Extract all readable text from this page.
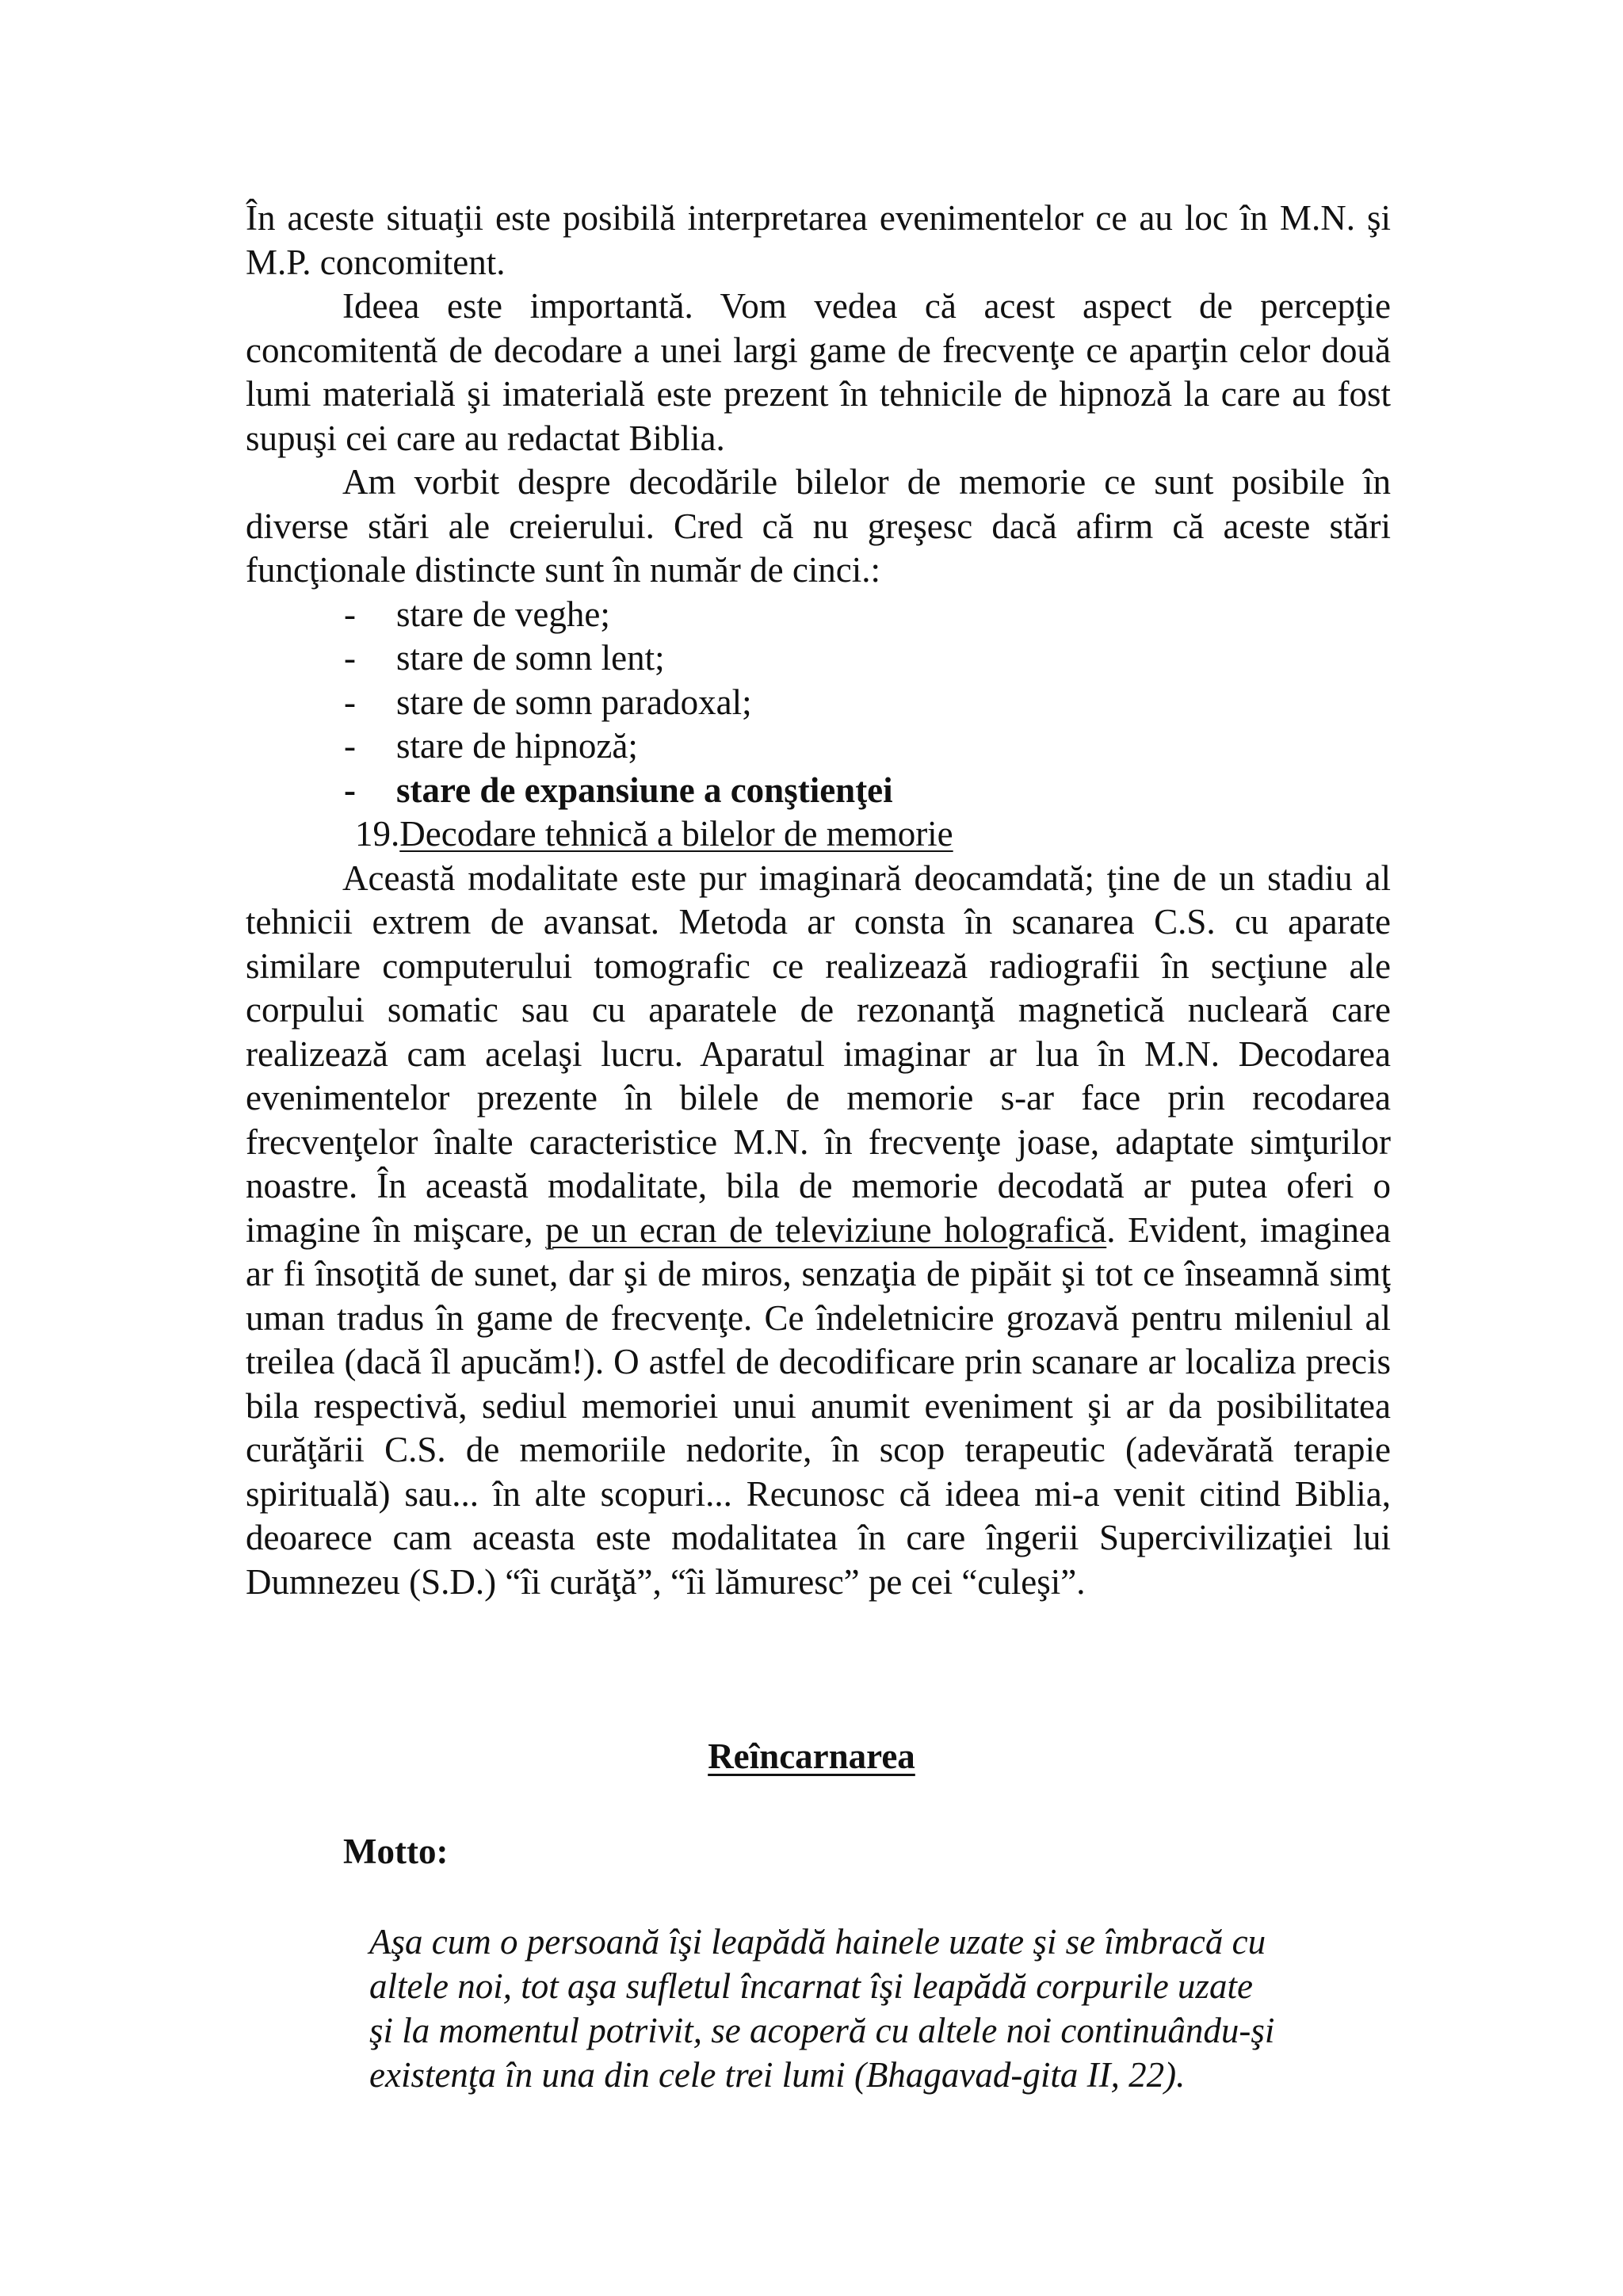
În aceste situaţii este posibilă interpretarea evenimentelor ce au loc în M.N. şi M.P. concomitent.

Ideea este importantă. Vom vedea că acest aspect de percepţie concomitentă de decodare a unei largi game de frecvenţe ce aparţin celor două lumi materială şi imaterială este prezent în tehnicile de hipnoză la care au fost supuşi cei care au redactat Biblia.

Am vorbit despre decodările bilelor de memorie ce sunt posibile în diverse stări ale creierului. Cred că nu greşesc dacă afirm că aceste stări funcţionale distincte sunt în număr de cinci.:

- stare de veghe;
- stare de somn lent;
- stare de somn paradoxal;
- stare de hipnoză;
- stare de expansiune a conştienţei

19.Decodare tehnică a bilelor de memorie

Această modalitate este pur imaginară deocamdată; ţine de un stadiu al tehnicii extrem de avansat. Metoda ar consta în scanarea C.S. cu aparate similare computerului tomografic ce realizează radiografii în secţiune ale corpului somatic sau cu aparatele de rezonanţă magnetică nucleară care realizează cam acelaşi lucru. Aparatul imaginar ar lua în M.N. Decodarea evenimentelor prezente în bilele de memorie s-ar face prin recodarea frecvenţelor înalte caracteristice M.N. în frecvenţe joase, adaptate simţurilor noastre. În această modalitate, bila de memorie decodată ar putea oferi o imagine în mişcare, pe un ecran de televiziune holografică. Evident, imaginea ar fi însoţită de sunet, dar şi de miros, senzaţia de pipăit şi tot ce înseamnă simţ uman tradus în game de frecvenţe. Ce îndeletnicire grozavă pentru mileniul al treilea (dacă îl apucăm!). O astfel de decodificare prin scanare ar localiza precis bila respectivă, sediul memoriei unui anumit eveniment şi ar da posibilitatea curăţării C.S. de memoriile nedorite, în scop terapeutic (adevărată terapie spirituală) sau... în alte scopuri... Recunosc că ideea mi-a venit citind Biblia, deoarece cam aceasta este modalitatea în care îngerii Supercivilizaţiei lui Dumnezeu (S.D.) “îi curăţă”, “îi lămuresc” pe cei “culeşi”.

Reîncarnarea
Motto:
Aşa cum o persoană îşi leapădă hainele uzate şi se îmbracă cu
altele noi, tot aşa sufletul încarnat îşi leapădă corpurile uzate
şi la momentul potrivit, se acoperă cu altele noi continuându-şi
existenţa în una din cele trei lumi (Bhagavad-gita II, 22).
